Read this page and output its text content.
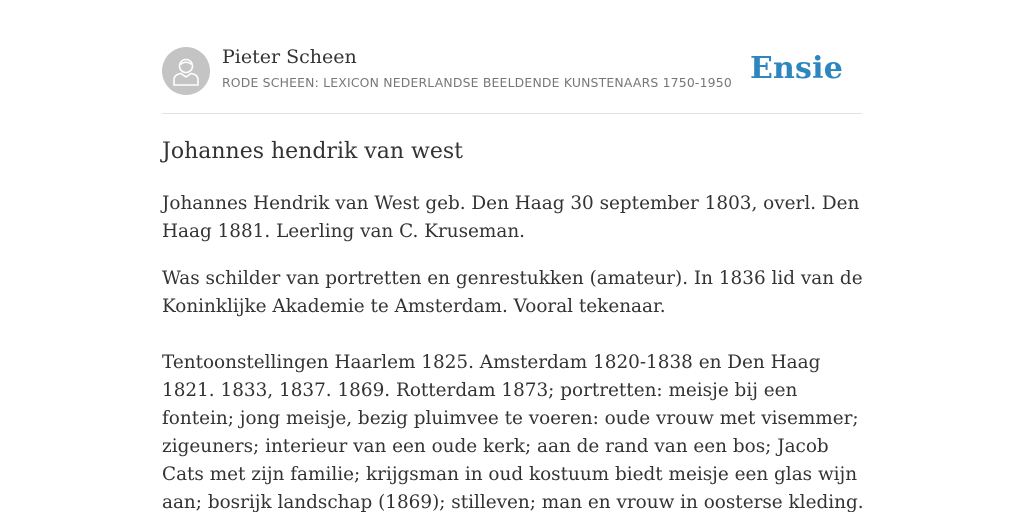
Pieter Scheen
RODE SCHEEN: LEXICON NEDERLANDSE BEELDENDE KUNSTENAARS 1750-1950 Ensie
Johannes hendrik van west

Johannes Hendrik van West geb. Den Haag 30 september 1803, overl. Den Haag 1881. Leerling van C. Kruseman.

Was schilder van portretten en genrestukken (amateur). In 1836 lid van de Koninklijke Akademie te Amsterdam. Vooral tekenaar.

Tentoonstellingen Haarlem 1825. Amsterdam 1820-1838 en Den Haag 1821. 1833, 1837. 1869. Rotterdam 1873; portretten: meisje bij een fontein; jong meisje, bezig pluimvee te voeren: oude vrouw met visemmer; zigeuners; interieur van een oude kerk; aan de rand van een bos; Jacob Cats met zijn familie; krijgsman in oud kostuum biedt meisje een glas wijn aan; bosrijk landschap (1869); stilleven; man en vrouw in oosterse kleding.
